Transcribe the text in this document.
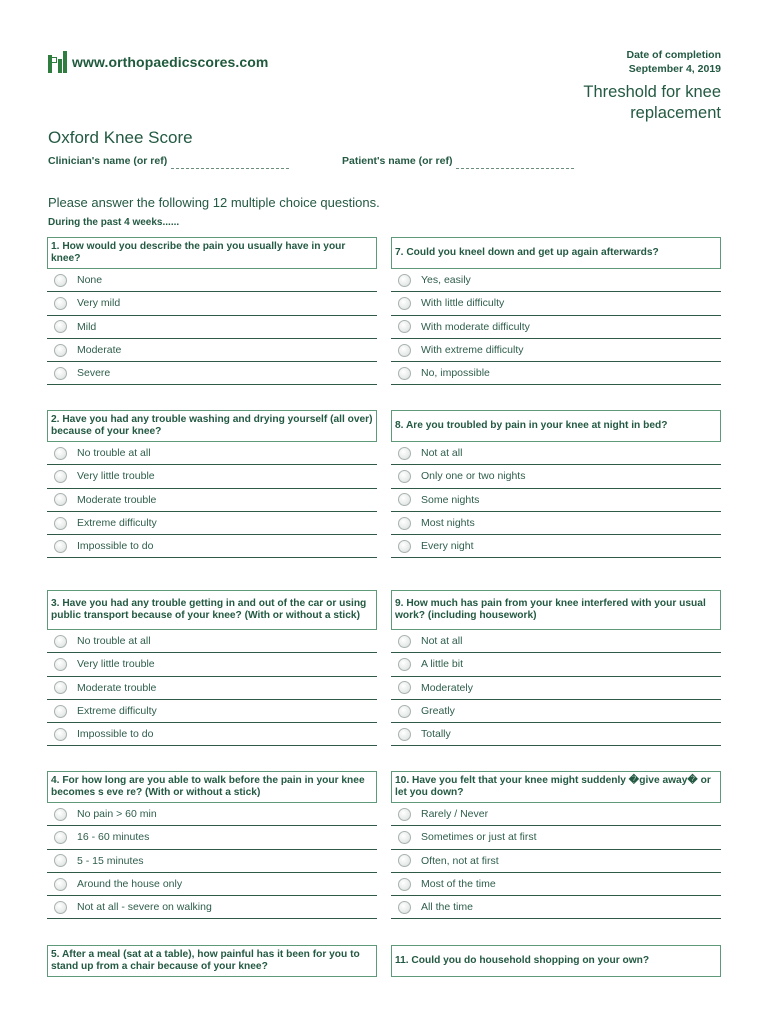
www.orthopaedicscores.com	Date of completion
September 4, 2019
Threshold for knee replacement
Oxford Knee Score
Clinician's name (or ref)	Patient's name (or ref)
Please answer the following 12 multiple choice questions.
During the past 4 weeks......
1. How would you describe the pain you usually have in your knee?
None
Very mild
Mild
Moderate
Severe
2. Have you had any trouble washing and drying yourself (all over) because of your knee?
No trouble at all
Very little trouble
Moderate trouble
Extreme difficulty
Impossible to do
3. Have you had any trouble getting in and out of the car or using public transport because of your knee? (With or without a stick)
No trouble at all
Very little trouble
Moderate trouble
Extreme difficulty
Impossible to do
4. For how long are you able to walk before the pain in your knee becomes s eve re? (With or without a stick)
No pain > 60 min
16 - 60 minutes
5 - 15 minutes
Around the house only
Not at all - severe on walking
5. After a meal (sat at a table), how painful has it been for you to stand up from a chair because of your knee?
7. Could you kneel down and get up again afterwards?
Yes, easily
With little difficulty
With moderate difficulty
With extreme difficulty
No, impossible
8. Are you troubled by pain in your knee at night in bed?
Not at all
Only one or two nights
Some nights
Most nights
Every night
9. How much has pain from your knee interfered with your usual work? (including housework)
Not at all
A little bit
Moderately
Greatly
Totally
10. Have you felt that your knee might suddenly �give away� or let you down?
Rarely / Never
Sometimes or just at first
Often, not at first
Most of the time
All the time
11. Could you do household shopping on your own?
